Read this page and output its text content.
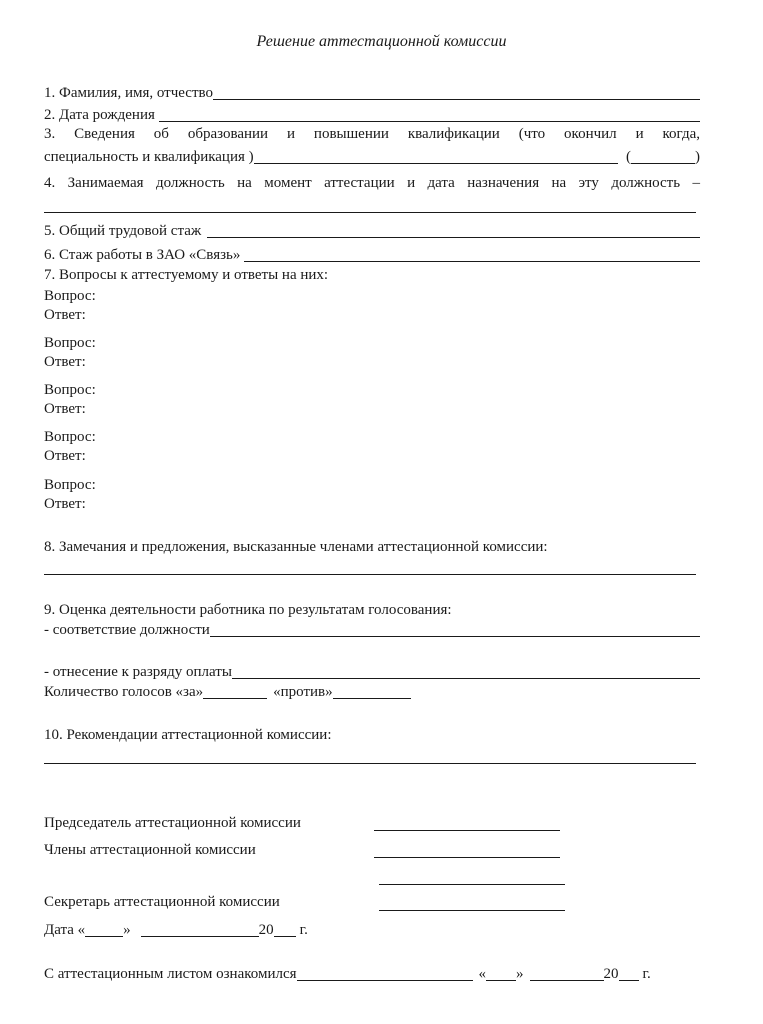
Решение аттестационной комиссии
1. Фамилия, имя, отчество
2. Дата рождения
3. Сведения об образовании и повышении квалификации (что окончил и когда,
специальность и квалификация )	(	)
4. Занимаемая должность на момент аттестации и дата назначения на эту должность –
5. Общий трудовой стаж
6. Стаж работы в ЗАО «Связь»
7. Вопросы к аттестуемому и ответы на них:
Вопрос:
Ответ:
Вопрос:
Ответ:
Вопрос:
Ответ:
Вопрос:
Ответ:
Вопрос:
Ответ:
8. Замечания и предложения, высказанные членами аттестационной комиссии:
9. Оценка деятельности работника по результатам голосования:
- соответствие должности
- отнесение к разряду оплаты
Количество голосов «за»	«против»
10. Рекомендации аттестационной комиссии:
Председатель аттестационной комиссии
Члены аттестационной комиссии
Секретарь аттестационной комиссии
Дата «	»	20 г.
С аттестационным листом ознакомился	« »	20 г.
